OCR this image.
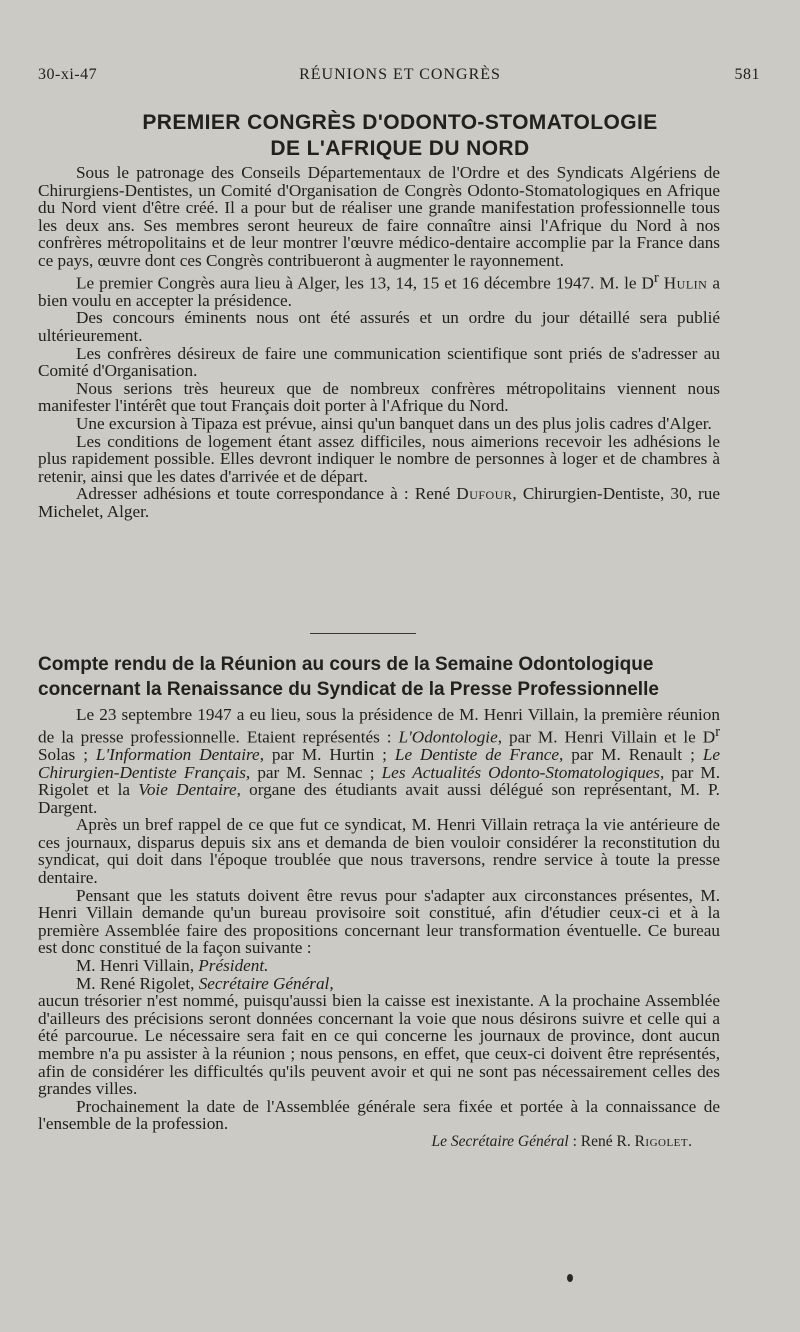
30-xi-47	RÉUNIONS ET CONGRÈS	581
PREMIER CONGRÈS D'ODONTO-STOMATOLOGIE
DE L'AFRIQUE DU NORD

Sous le patronage des Conseils Départementaux de l'Ordre et des Syndicats Algériens de Chirurgiens-Dentistes, un Comité d'Organisation de Congrès Odonto-Stomatologiques en Afrique du Nord vient d'être créé. Il a pour but de réaliser une grande manifestation professionnelle tous les deux ans. Ses membres seront heureux de faire connaître ainsi l'Afrique du Nord à nos confrères métropolitains et de leur montrer l'œuvre médico-dentaire accomplie par la France dans ce pays, œuvre dont ces Congrès contribueront à augmenter le rayonnement.

Le premier Congrès aura lieu à Alger, les 13, 14, 15 et 16 décembre 1947. M. le $D^r$ Hulin a bien voulu en accepter la présidence.

Des concours éminents nous ont été assurés et un ordre du jour détaillé sera publié ultérieurement.

Les confrères désireux de faire une communication scientifique sont priés de s'adresser au Comité d'Organisation.

Nous serions très heureux que de nombreux confrères métropolitains viennent nous manifester l'intérêt que tout Français doit porter à l'Afrique du Nord.

Une excursion à Tipaza est prévue, ainsi qu'un banquet dans un des plus jolis cadres d'Alger.

Les conditions de logement étant assez difficiles, nous aimerions recevoir les adhésions le plus rapidement possible. Elles devront indiquer le nombre de personnes à loger et de chambres à retenir, ainsi que les dates d'arrivée et de départ.

Adresser adhésions et toute correspondance à : René Dufour, Chirurgien-Dentiste, 30, rue Michelet, Alger.

Compte rendu de la Réunion au cours de la Semaine Odontologique concernant la Renaissance du Syndicat de la Presse Professionnelle

Le 23 septembre 1947 a eu lieu, sous la présidence de M. Henri Villain, la première réunion de la presse professionnelle. Etaient représentés : L'Odontologie, par M. Henri Villain et le $D^r$ Solas ; L'Information Dentaire, par M. Hurtin ; Le Dentiste de France, par M. Renault ; Le Chirurgien-Dentiste Français, par M. Sennac ; Les Actualités Odonto-Stomatologiques, par M. Rigolet et la Voie Dentaire, organe des étudiants avait aussi délégué son représentant, M. P. Dargent.

Après un bref rappel de ce que fut ce syndicat, M. Henri Villain retraça la vie antérieure de ces journaux, disparus depuis six ans et demanda de bien vouloir considérer la reconstitution du syndicat, qui doit dans l'époque troublée que nous traversons, rendre service à toute la presse dentaire.

Pensant que les statuts doivent être revus pour s'adapter aux circonstances présentes, M. Henri Villain demande qu'un bureau provisoire soit constitué, afin d'étudier ceux-ci et à la première Assemblée faire des propositions concernant leur transformation éventuelle. Ce bureau est donc constitué de la façon suivante :

M. Henri Villain, Président.

M. René Rigolet, Secrétaire Général,

aucun trésorier n'est nommé, puisqu'aussi bien la caisse est inexistante. A la prochaine Assemblée d'ailleurs des précisions seront données concernant la voie que nous désirons suivre et celle qui a été parcourue. Le nécessaire sera fait en ce qui concerne les journaux de province, dont aucun membre n'a pu assister à la réunion ; nous pensons, en effet, que ceux-ci doivent être représentés, afin de considérer les difficultés qu'ils peuvent avoir et qui ne sont pas nécessairement celles des grandes villes.

Prochainement la date de l'Assemblée générale sera fixée et portée à la connaissance de l'ensemble de la profession.

Le Secrétaire Général : René R. Rigolet.
